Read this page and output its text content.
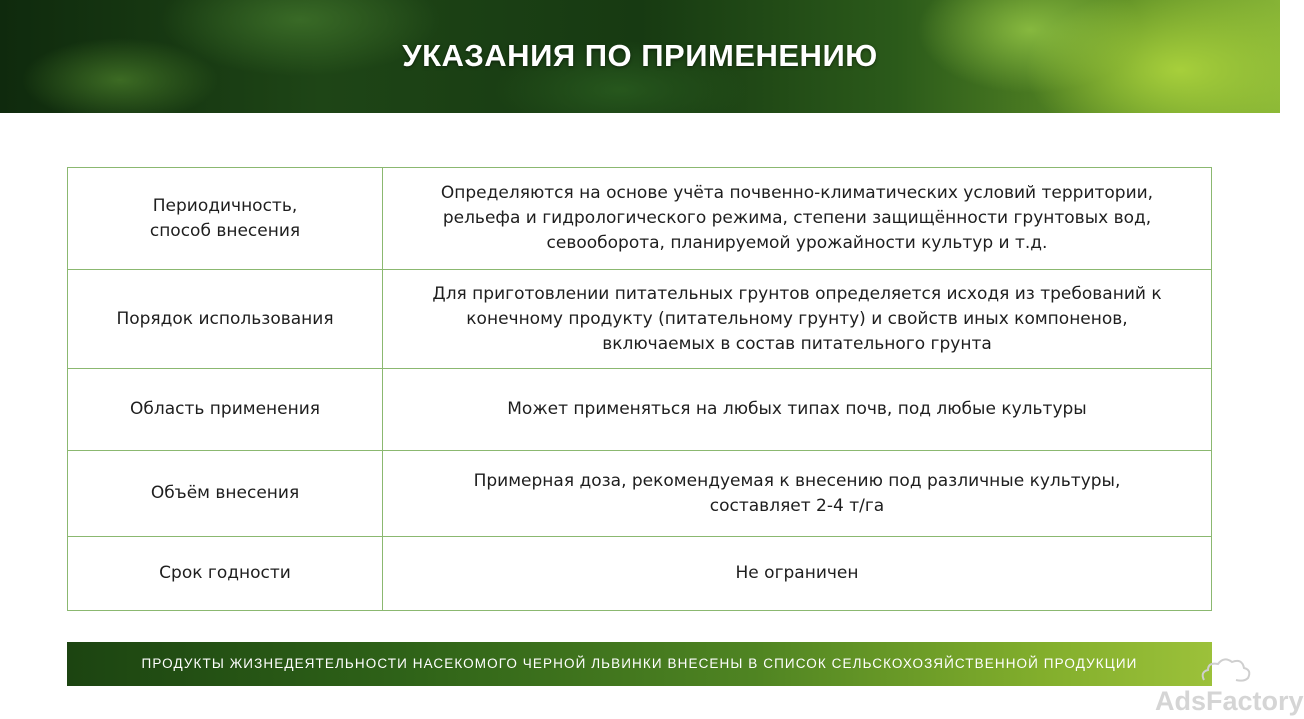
УКАЗАНИЯ ПО ПРИМЕНЕНИЮ
Периодичность,
способ внесения	Определяются на основе учёта почвенно-климатических условий территории,
рельефа и гидрологического режима, степени защищённости грунтовых вод,
севооборота, планируемой урожайности культур и т.д.
Порядок использования	Для приготовлении питательных грунтов определяется исходя из требований к
конечному продукту (питательному грунту) и свойств иных компоненов,
включаемых в состав питательного грунта
Область применения	Может применяться на любых типах почв, под любые культуры
Объём внесения	Примерная доза, рекомендуемая к внесению под различные культуры,
составляет 2-4 т/га
Срок годности	Не ограничен
ПРОДУКТЫ ЖИЗНЕДЕЯТЕЛЬНОСТИ НАСЕКОМОГО ЧЕРНОЙ ЛЬВИНКИ ВНЕСЕНЫ В СПИСОК СЕЛЬСКОХОЗЯЙСТВЕННОЙ ПРОДУКЦИИ
AdsFactory
